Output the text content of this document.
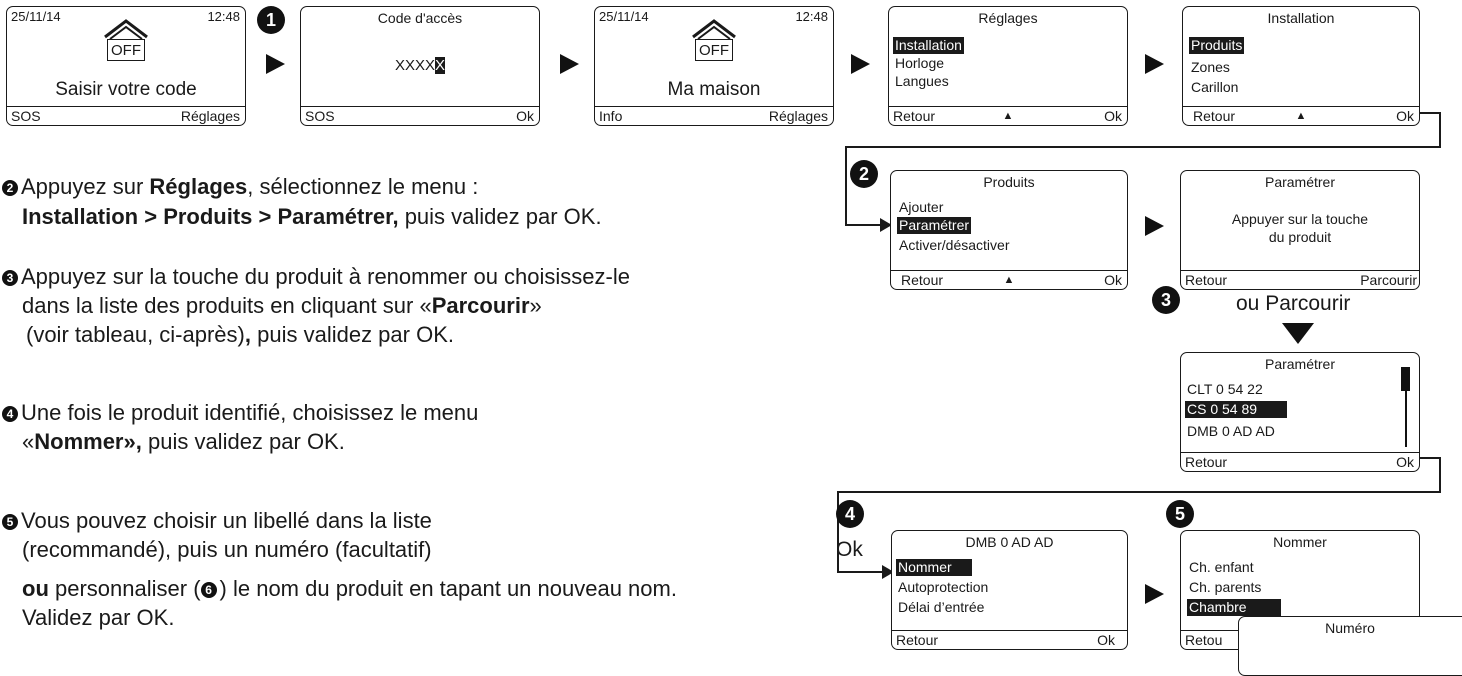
25/11/14	12:48
OFF
Saisir votre code
SOS	Réglages
1	Code d'accès
XXXXX
SOS	Ok
25/11/14	12:48
OFF
Ma maison
Info	Réglages
Réglages
Installation
Horloge
Langues
Retour	▲	Ok
Installation
Produits
Zones
Carillon
Retour	▲	Ok
2 Appuyez sur Réglages, sélectionnez le menu :
Installation > Produits > Paramétrer, puis validez par OK.
3 Appuyez sur la touche du produit à renommer ou choisissez-le
dans la liste des produits en cliquant sur «Parcourir»
(voir tableau, ci-après), puis validez par OK.
4 Une fois le produit identifié, choisissez le menu
«Nommer», puis validez par OK.
5 Vous pouvez choisir un libellé dans la liste
(recommandé), puis un numéro (facultatif)
ou personnaliser ( 6 ) le nom du produit en tapant un nouveau nom.
Validez par OK.
2	Produits
Ajouter
Paramétrer
Activer/désactiver
Retour	▲	Ok
Paramétrer
Appuyer sur la touche
du produit
Retour	Parcourir
3	ou Parcourir
Paramétrer
CLT 0 54 22
CS 0 54 89
DMB 0 AD AD
Retour	Ok
4
Ok	DMB 0 AD AD
Nommer
Autoprotection
Délai d’entrée
Retour	Ok
5
Nommer
Ch. enfant
Ch. parents
Chambre
Retou
Numéro
